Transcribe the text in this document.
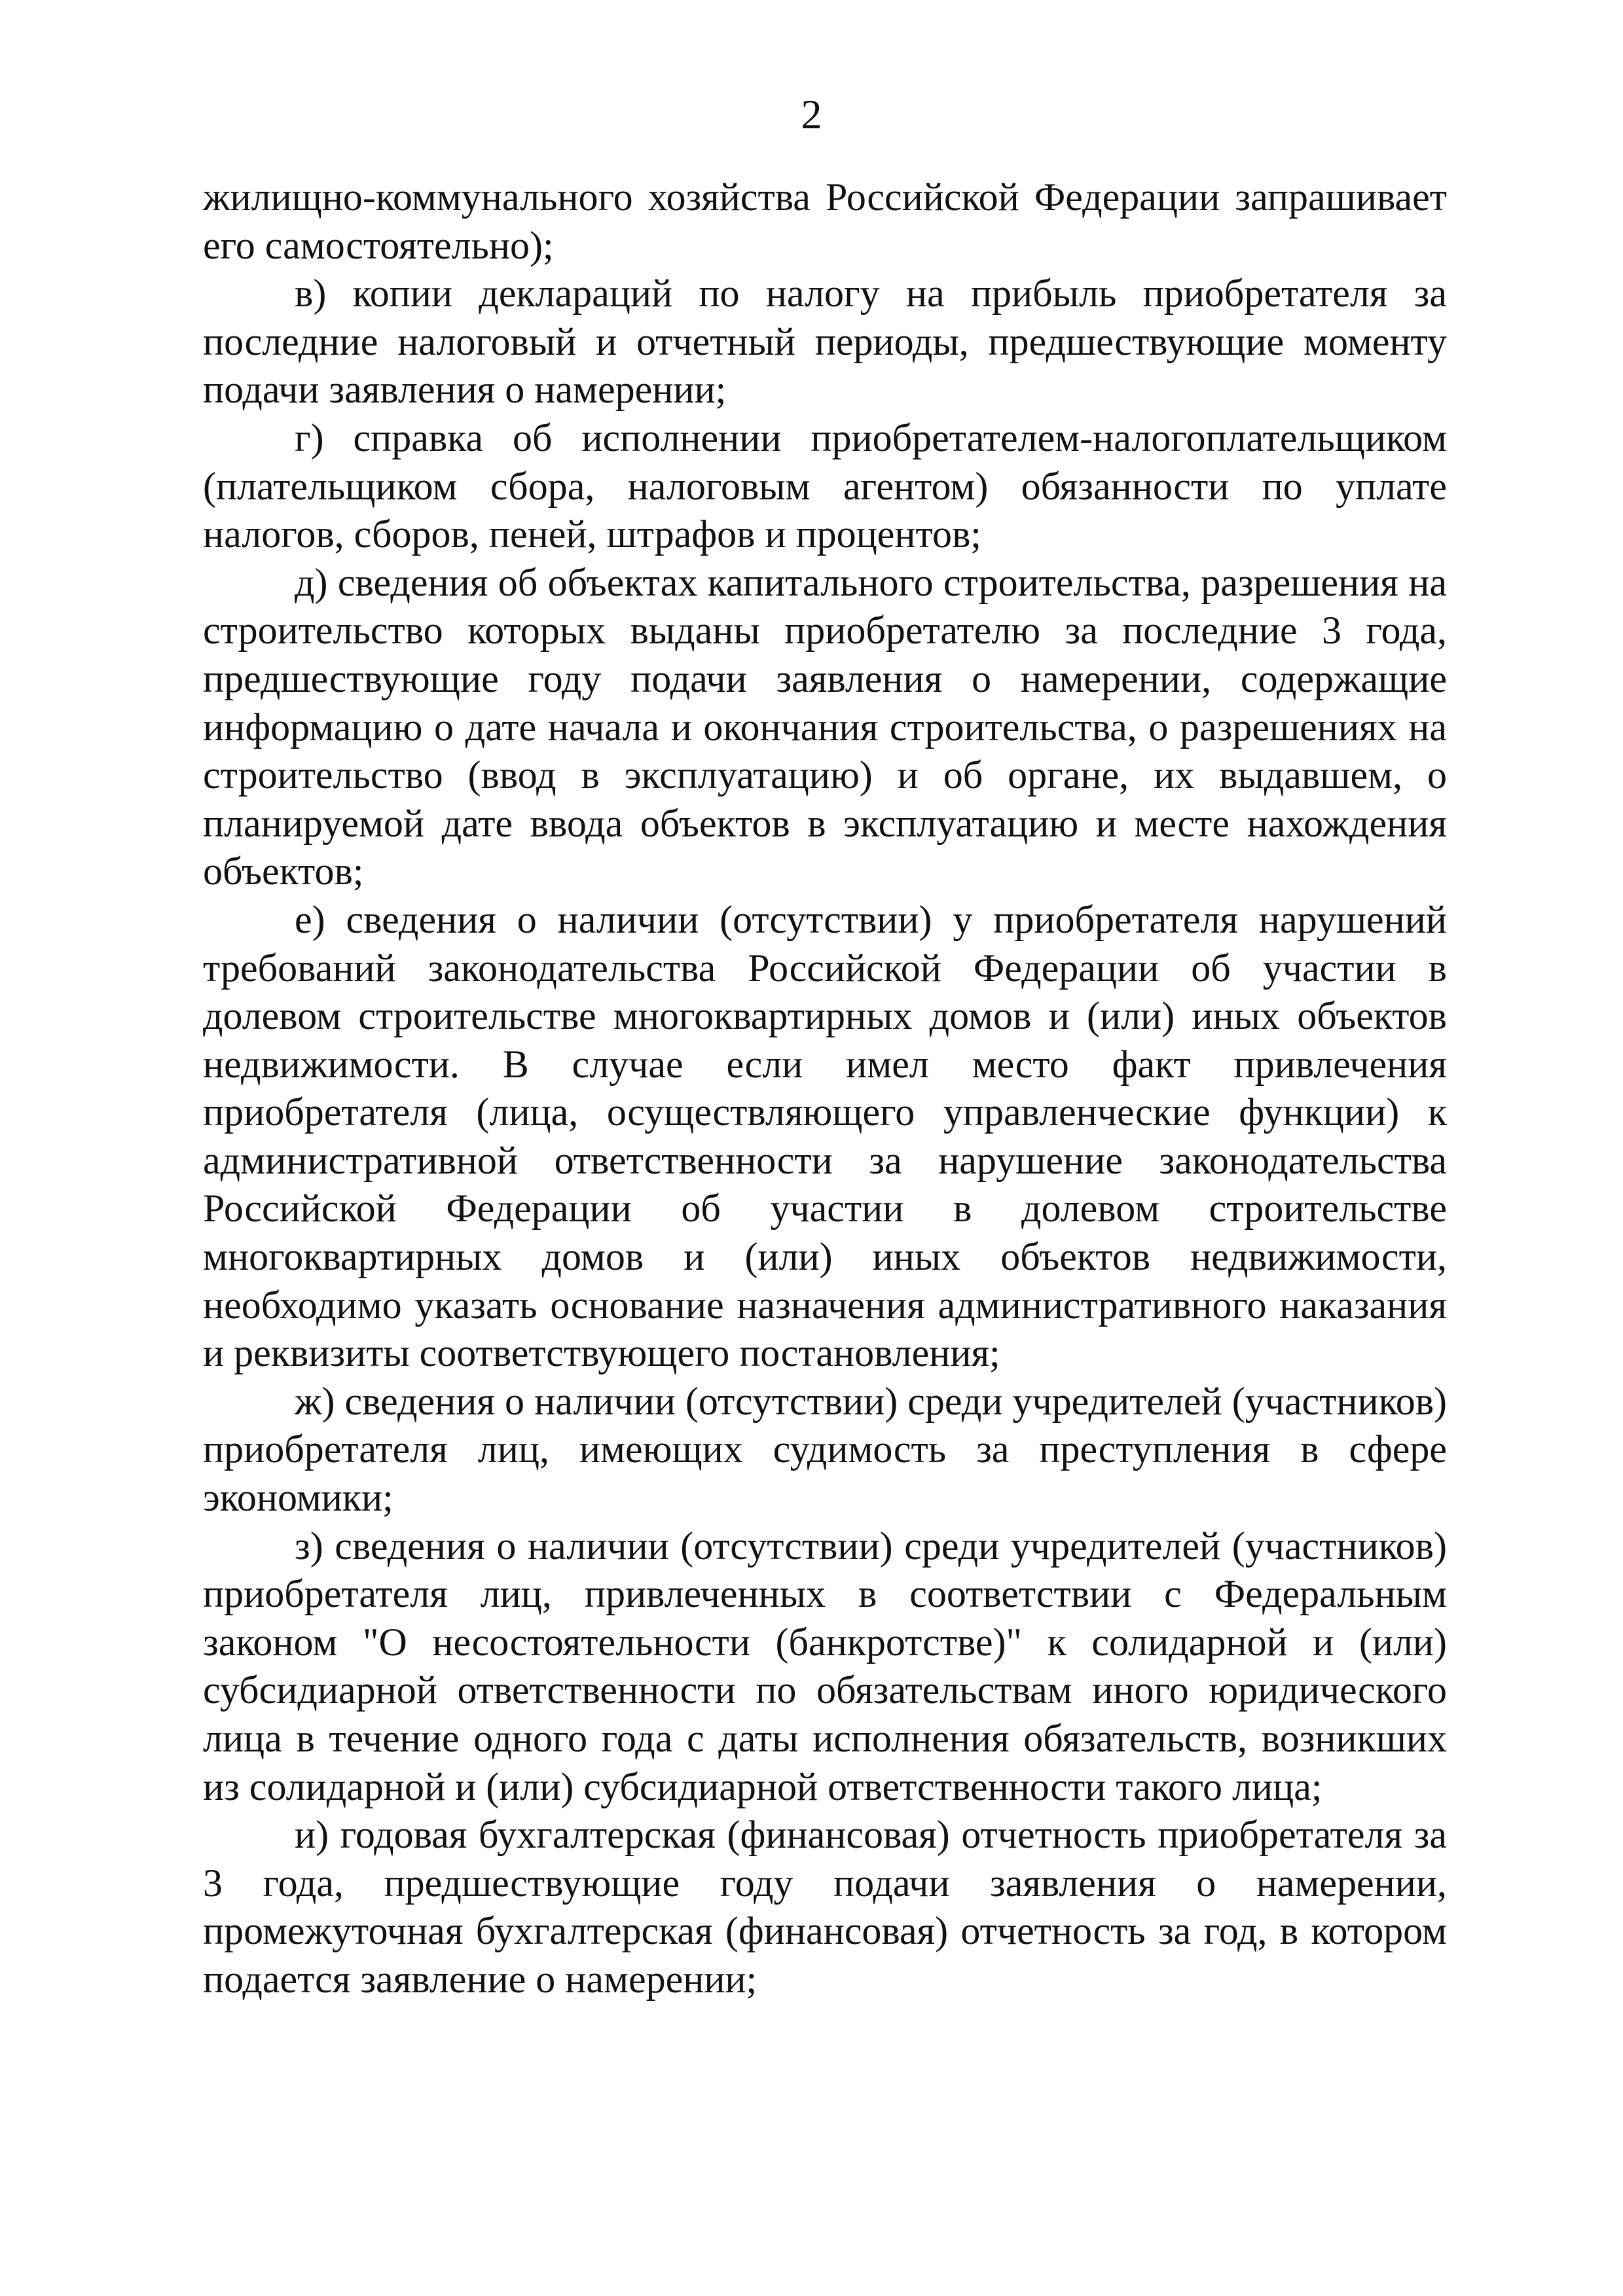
2

жилищно-коммунального хозяйства Российской Федерации запрашивает его самостоятельно);

в) копии деклараций по налогу на прибыль приобретателя за последние налоговый и отчетный периоды, предшествующие моменту подачи заявления о намерении;

г) справка об исполнении приобретателем-налогоплательщиком (плательщиком сбора, налоговым агентом) обязанности по уплате налогов, сборов, пеней, штрафов и процентов;

д) сведения об объектах капитального строительства, разрешения на строительство которых выданы приобретателю за последние 3 года, предшествующие году подачи заявления о намерении, содержащие информацию о дате начала и окончания строительства, о разрешениях на строительство (ввод в эксплуатацию) и об органе, их выдавшем, о планируемой дате ввода объектов в эксплуатацию и месте нахождения объектов;

е) сведения о наличии (отсутствии) у приобретателя нарушений требований законодательства Российской Федерации об участии в долевом строительстве многоквартирных домов и (или) иных объектов недвижимости. В случае если имел место факт привлечения приобретателя (лица, осуществляющего управленческие функции) к административной ответственности за нарушение законодательства Российской Федерации об участии в долевом строительстве многоквартирных домов и (или) иных объектов недвижимости, необходимо указать основание назначения административного наказания и реквизиты соответствующего постановления;

ж) сведения о наличии (отсутствии) среди учредителей (участников) приобретателя лиц, имеющих судимость за преступления в сфере экономики;

з) сведения о наличии (отсутствии) среди учредителей (участников) приобретателя лиц, привлеченных в соответствии с Федеральным законом "О несостоятельности (банкротстве)" к солидарной и (или) субсидиарной ответственности по обязательствам иного юридического лица в течение одного года с даты исполнения обязательств, возникших из солидарной и (или) субсидиарной ответственности такого лица;

и) годовая бухгалтерская (финансовая) отчетность приобретателя за 3 года, предшествующие году подачи заявления о намерении, промежуточная бухгалтерская (финансовая) отчетность за год, в котором подается заявление о намерении;
